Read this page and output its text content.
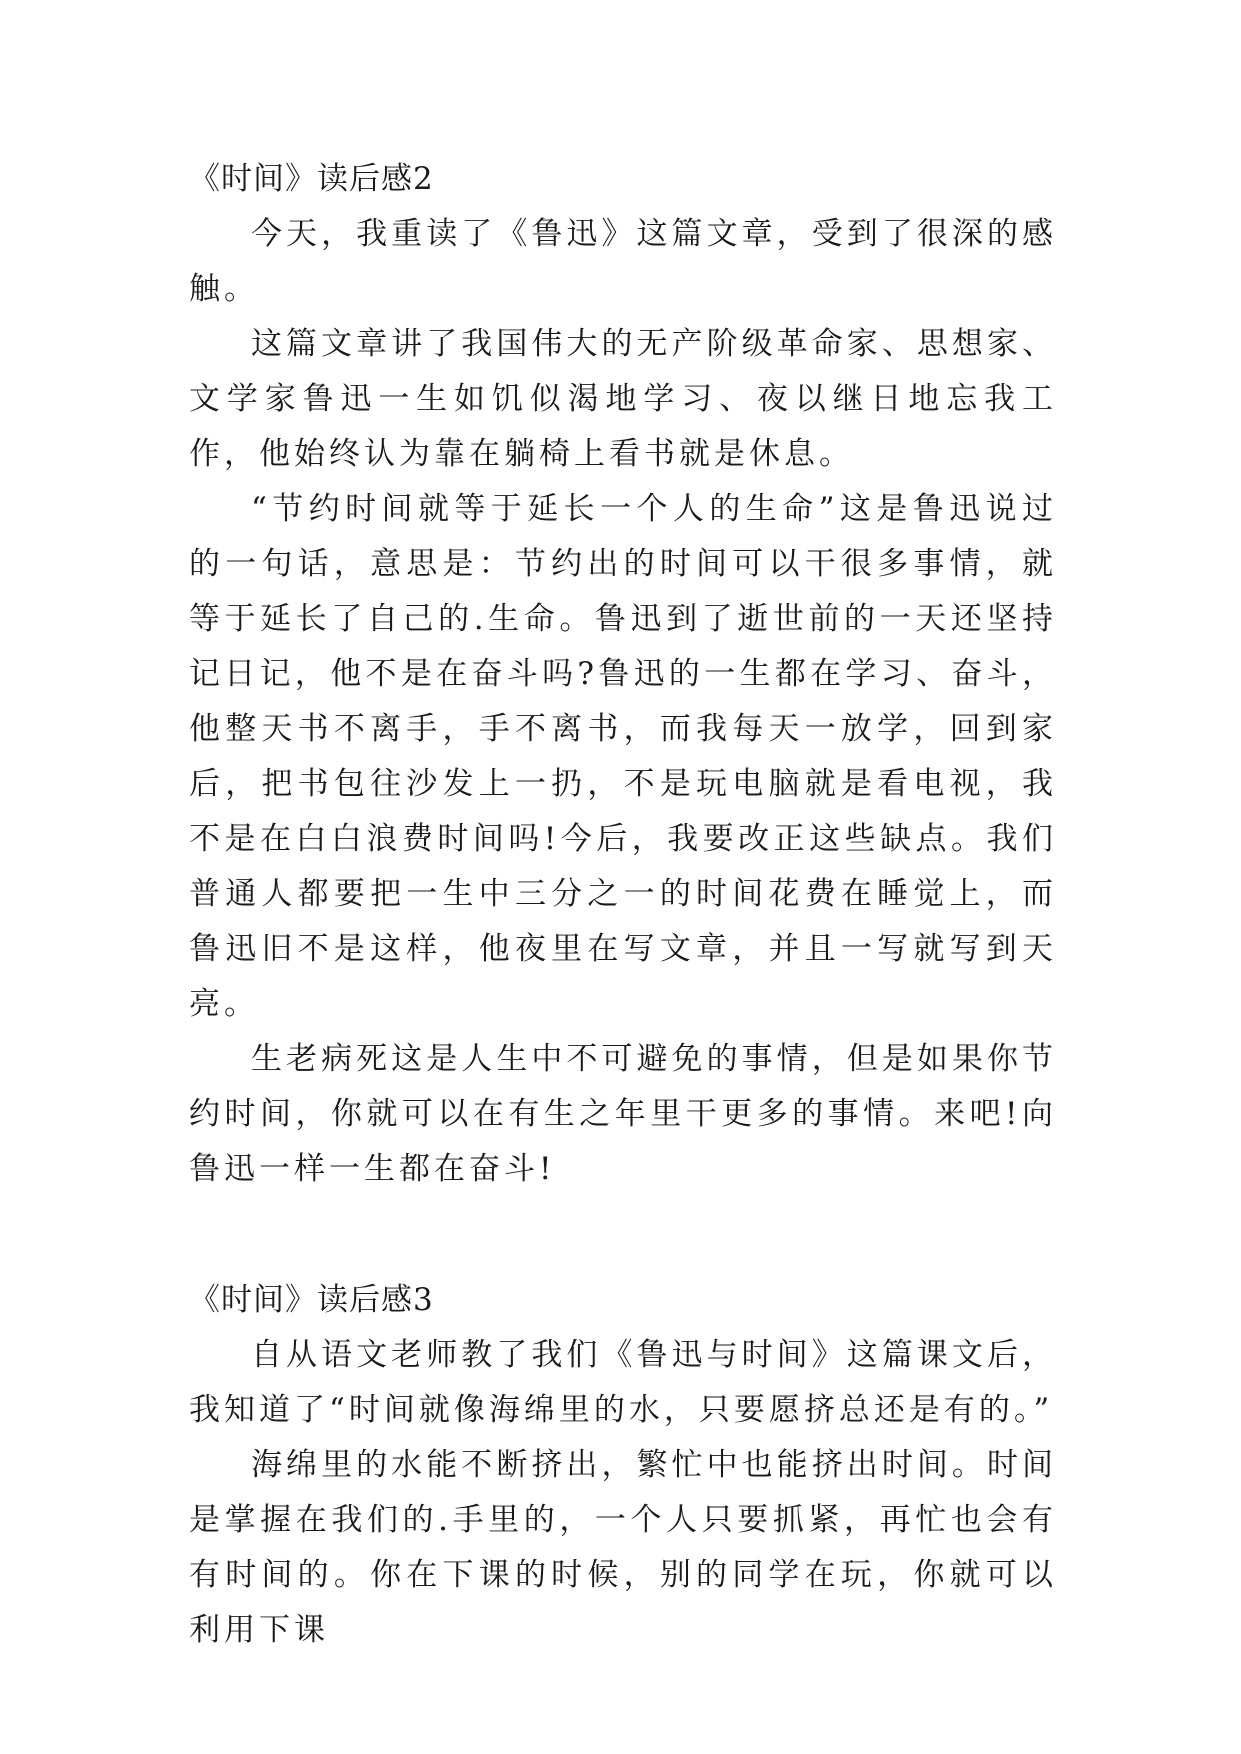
《时间》读后感2

今天，我重读了《鲁迅》这篇文章，受到了很深的感触。

这篇文章讲了我国伟大的无产阶级革命家、思想家、文学家鲁迅一生如饥似渴地学习、夜以继日地忘我工作，他始终认为靠在躺椅上看书就是休息。

“节约时间就等于延长一个人的生命”这是鲁迅说过的一句话，意思是：节约出的时间可以干很多事情，就等于延长了自己的.生命。鲁迅到了逝世前的一天还坚持记日记，他不是在奋斗吗?鲁迅的一生都在学习、奋斗，他整天书不离手，手不离书，而我每天一放学，回到家后，把书包往沙发上一扔，不是玩电脑就是看电视，我不是在白白浪费时间吗!今后，我要改正这些缺点。我们普通人都要把一生中三分之一的时间花费在睡觉上，而鲁迅旧不是这样，他夜里在写文章，并且一写就写到天亮。

生老病死这是人生中不可避免的事情，但是如果你节约时间，你就可以在有生之年里干更多的事情。来吧!向鲁迅一样一生都在奋斗!

《时间》读后感3

自从语文老师教了我们《鲁迅与时间》这篇课文后，我知道了“时间就像海绵里的水，只要愿挤总还是有的。”

海绵里的水能不断挤出，繁忙中也能挤出时间。时间是掌握在我们的.手里的，一个人只要抓紧，再忙也会有有时间的。你在下课的时候，别的同学在玩，你就可以利用下课
